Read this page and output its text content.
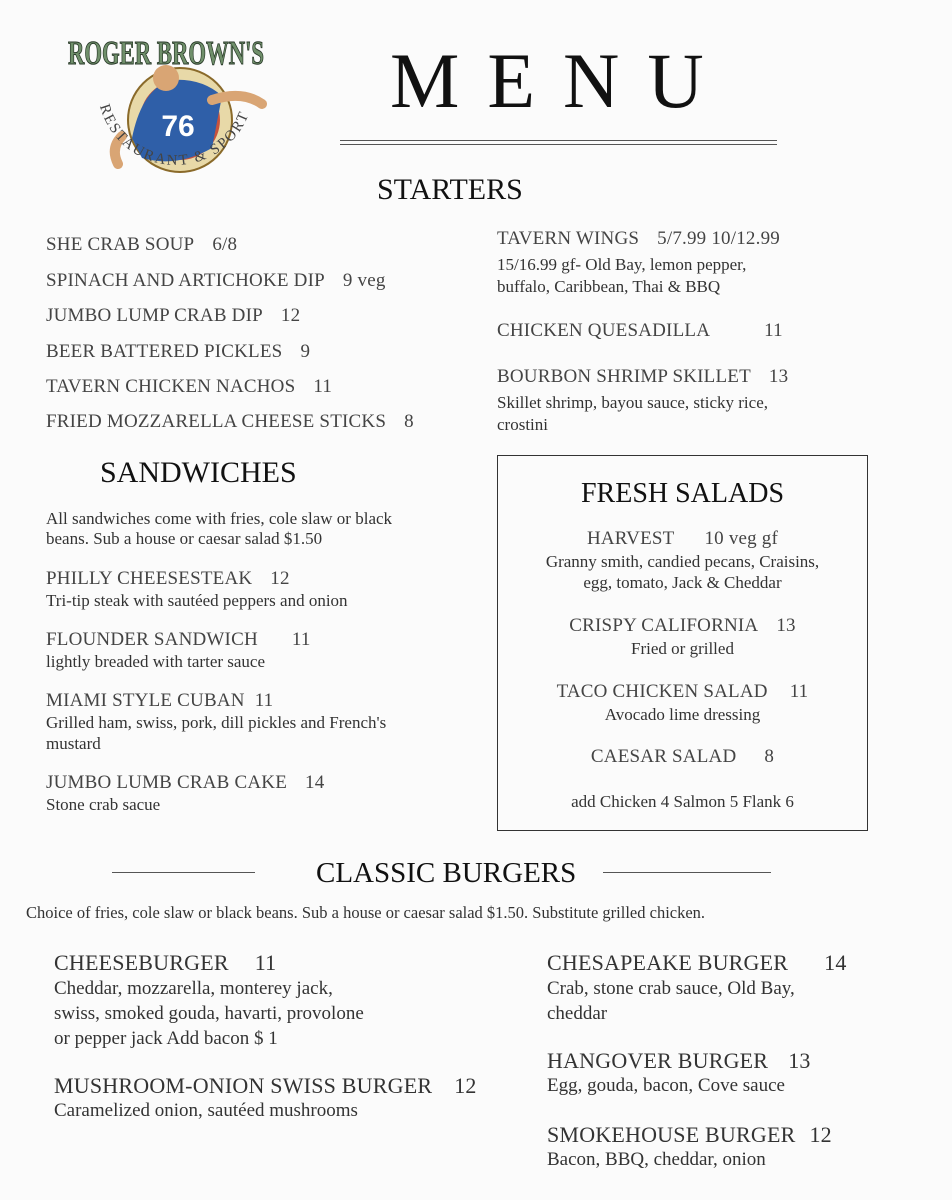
76
ROGER BROWN'S
RESTAURANT & SPORT MENU
STARTERS
SHE CRAB SOUP 6/8
SPINACH AND ARTICHOKE DIP 9 veg
JUMBO LUMP CRAB DIP 12
BEER BATTERED PICKLES 9
TAVERN CHICKEN NACHOS 11
FRIED MOZZARELLA CHEESE STICKS 8
TAVERN WINGS 5/7.99 10/12.99
15/16.99 gf- Old Bay, lemon pepper,
buffalo, Caribbean, Thai & BBQ
CHICKEN QUESADILLA	11
BOURBON SHRIMP SKILLET 13
Skillet shrimp, bayou sauce, sticky rice,
crostini
SANDWICHES
All sandwiches come with fries, cole slaw or black
beans. Sub a house or caesar salad $1.50
PHILLY CHEESESTEAK 12
Tri-tip steak with sautéed peppers and onion
FLOUNDER SANDWICH 11
lightly breaded with tarter sauce
MIAMI STYLE CUBAN 11
Grilled ham, swiss, pork, dill pickles and French's
mustard
JUMBO LUMB CRAB CAKE 14
Stone crab sacue
FRESH SALADS
HARVEST 10 veg gf
Granny smith, candied pecans, Craisins,
egg, tomato, Jack & Cheddar
CRISPY CALIFORNIA 13
Fried or grilled
TACO CHICKEN SALAD 11
Avocado lime dressing
CAESAR SALAD 8
add Chicken 4 Salmon 5 Flank 6
CLASSIC BURGERS
Choice of fries, cole slaw or black beans. Sub a house or caesar salad $1.50. Substitute grilled chicken.
CHEESEBURGER 11
Cheddar, mozzarella, monterey jack,
swiss, smoked gouda, havarti, provolone
or pepper jack Add bacon $ 1
MUSHROOM-ONION SWISS BURGER 12
Caramelized onion, sautéed mushrooms
CHESAPEAKE BURGER 14
Crab, stone crab sauce, Old Bay,
cheddar
HANGOVER BURGER 13
Egg, gouda, bacon, Cove sauce
SMOKEHOUSE BURGER 12
Bacon, BBQ, cheddar, onion
